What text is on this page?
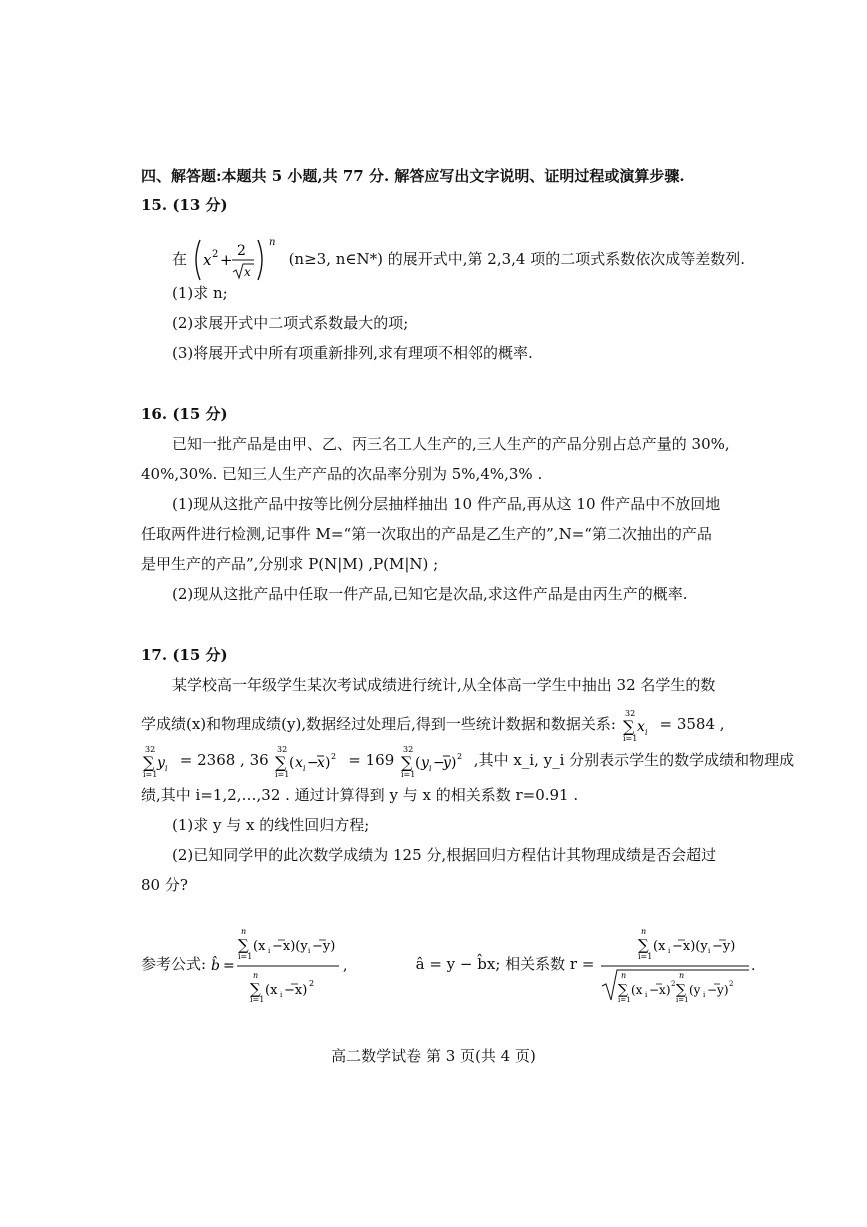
四、解答题:本题共 5 小题,共 77 分. 解答应写出文字说明、证明过程或演算步骤.
15. (13 分)
在 x 2 + 2
x
n
(n≥3, n∈N*) 的展开式中,第 2,3,4 项的二项式系数依次成等差数列.
(1)求 n;
(2)求展开式中二项式系数最大的项;
(3)将展开式中所有项重新排列,求有理项不相邻的概率.
16. (15 分)
已知一批产品是由甲、乙、丙三名工人生产的,三人生产的产品分别占总产量的 30%,
40%,30%. 已知三人生产产品的次品率分别为 5%,4%,3% .
(1)现从这批产品中按等比例分层抽样抽出 10 件产品,再从这 10 件产品中不放回地
任取两件进行检测,记事件 M=“第一次取出的产品是乙生产的”,N=“第二次抽出的产品
是甲生产的产品”,分别求 P(N|M) ,P(M|N) ;
(2)现从这批产品中任取一件产品,已知它是次品,求这件产品是由丙生产的概率.
17. (15 分)
某学校高一年级学生某次考试成绩进行统计,从全体高一学生中抽出 32 名学生的数
学成绩(x)和物理成绩(y),数据经过处理后,得到一些统计数据和数据关系:
32
∑
i=1
x i = 3584 ,
32
∑
i=1
y i = 2368 , 36
32
∑
i=1
( x i −
x ) 2 = 169
32
∑
i=1
( y i −
y ) 2 ,其中 x_i, y_i 分别表示学生的数学成绩和物理成
绩,其中 i=1,2,…,32 . 通过计算得到 y 与 x 的相关系数 r=0.91 .
(1)求 y 与 x 的线性回归方程;
(2)已知同学甲的此次数学成绩为 125 分,根据回归方程估计其物理成绩是否会超过
80 分?
参考公式: b̂ =
n
∑
i=1
(x i −x)(y i −y)
n
∑
i=1
(x i −x) 2
,	â = y − b̂x; 相关系数 r =
n
∑
i=1
(x i −x)(y i −y)
n
∑
i=1
(x i −x) 2
n
∑
i=1
(y i −y) 2
.
高二数学试卷 第 3 页(共 4 页)
